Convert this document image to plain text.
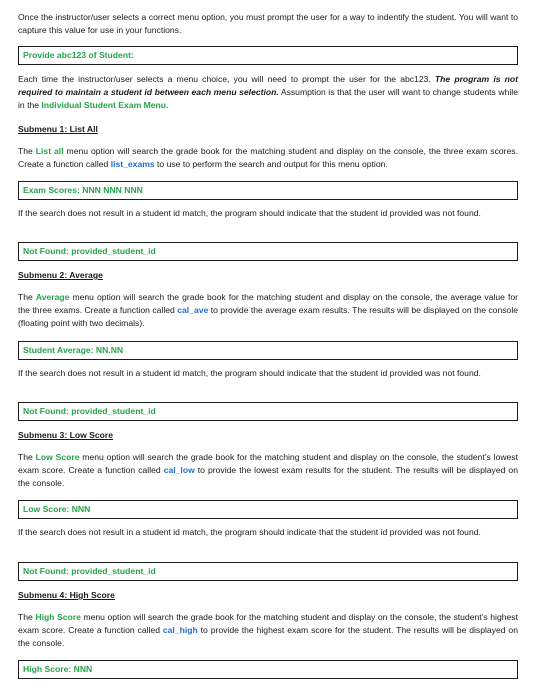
Once the instructor/user selects a correct menu option, you must prompt the user for a way to indentify the student. You will want to capture this value for use in your functions.

Provide abc123 of Student:

Each time the instructor/user selects a menu choice, you will need to prompt the user for the abc123. The program is not required to maintain a student id between each menu selection. Assumption is that the user will want to change students while in the Individual Student Exam Menu.

Submenu 1: List All

The List all menu option will search the grade book for the matching student and display on the console, the three exam scores. Create a function called list_exams to use to perform the search and output for this menu option.

Exam Scores: NNN NNN NNN

If the search does not result in a student id match, the program should indicate that the student id provided was not found.

Not Found: provided_student_id

Submenu 2: Average

The Average menu option will search the grade book for the matching student and display on the console, the average value for the three exams. Create a function called cal_ave to provide the average exam results. The results will be displayed on the console (floating point with two decimals).

Student Average: NN.NN

If the search does not result in a student id match, the program should indicate that the student id provided was not found.

Not Found: provided_student_id

Submenu 3: Low Score

The Low Score menu option will search the grade book for the matching student and display on the console, the student’s lowest exam score. Create a function called cal_low to provide the lowest exam results for the student. The results will be displayed on the console.

Low Score: NNN

If the search does not result in a student id match, the program should indicate that the student id provided was not found.

Not Found: provided_student_id

Submenu 4: High Score

The High Score menu option will search the grade book for the matching student and display on the console, the student’s highest exam score. Create a function called cal_high to provide the highest exam score for the student. The results will be displayed on the console.

High Score: NNN
